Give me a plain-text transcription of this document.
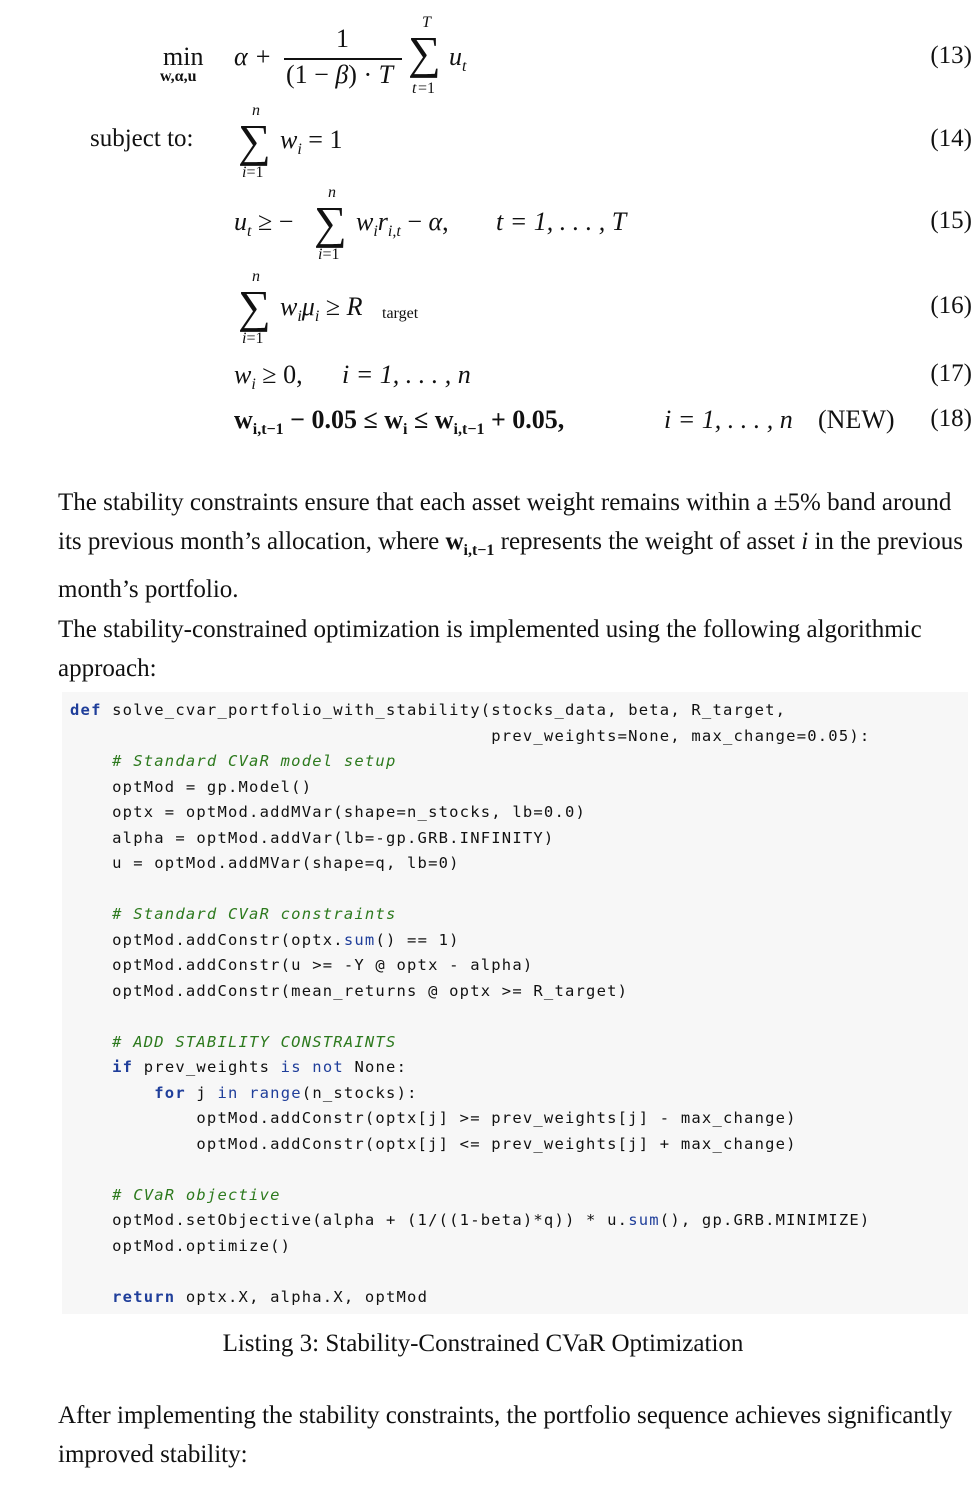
min
w,α,u
α +
1
(1 − β) · T
T
∑
t =1
$u_t$	(13)
subject to:
n
∑
i=1
$w_i = 1$	(14)
$u_t$ ≥ −
n
∑
i=1
$w_ir_{i,t} - \alpha$, t = 1, . . . , T	(15)
n
∑
i=1
$w_i\mu_i \ge R$ target	(16)
$w_i \ge 0$, i = 1, . . . , n	(17)
$w_{i,t-1} - 0.05 \le w_i \le w_{i,t-1} + 0.05$,	i = 1, . . . , n (NEW) (18)

The stability constraints ensure that each asset weight remains within a ±5% band around its previous month’s allocation, where $w_{i,t-1}$ represents the weight of asset i in the previous month’s portfolio.

The stability-constrained optimization is implemented using the following algorithmic approach:

def solve_cvar_portfolio_with_stability(stocks_data, beta, R_target,
prev_weights=None, max_change=0.05):
# Standard CVaR model setup
optMod = gp.Model()
optx = optMod.addMVar(shape=n_stocks, lb=0.0)
alpha = optMod.addVar(lb=-gp.GRB.INFINITY)
u = optMod.addMVar(shape=q, lb=0)

# Standard CVaR constraints
optMod.addConstr(optx.sum() == 1)
optMod.addConstr(u >= -Y @ optx - alpha)
optMod.addConstr(mean_returns @ optx >= R_target)

# ADD STABILITY CONSTRAINTS
if prev_weights is not None:
for j in range(n_stocks):
optMod.addConstr(optx[j] >= prev_weights[j] - max_change)
optMod.addConstr(optx[j] <= prev_weights[j] + max_change)

# CVaR objective
optMod.setObjective(alpha + (1/((1-beta)*q)) * u.sum(), gp.GRB.MINIMIZE)
optMod.optimize()

return optx.X, alpha.X, optMod
Listing 3: Stability-Constrained CVaR Optimization

After implementing the stability constraints, the portfolio sequence achieves significantly improved stability:
